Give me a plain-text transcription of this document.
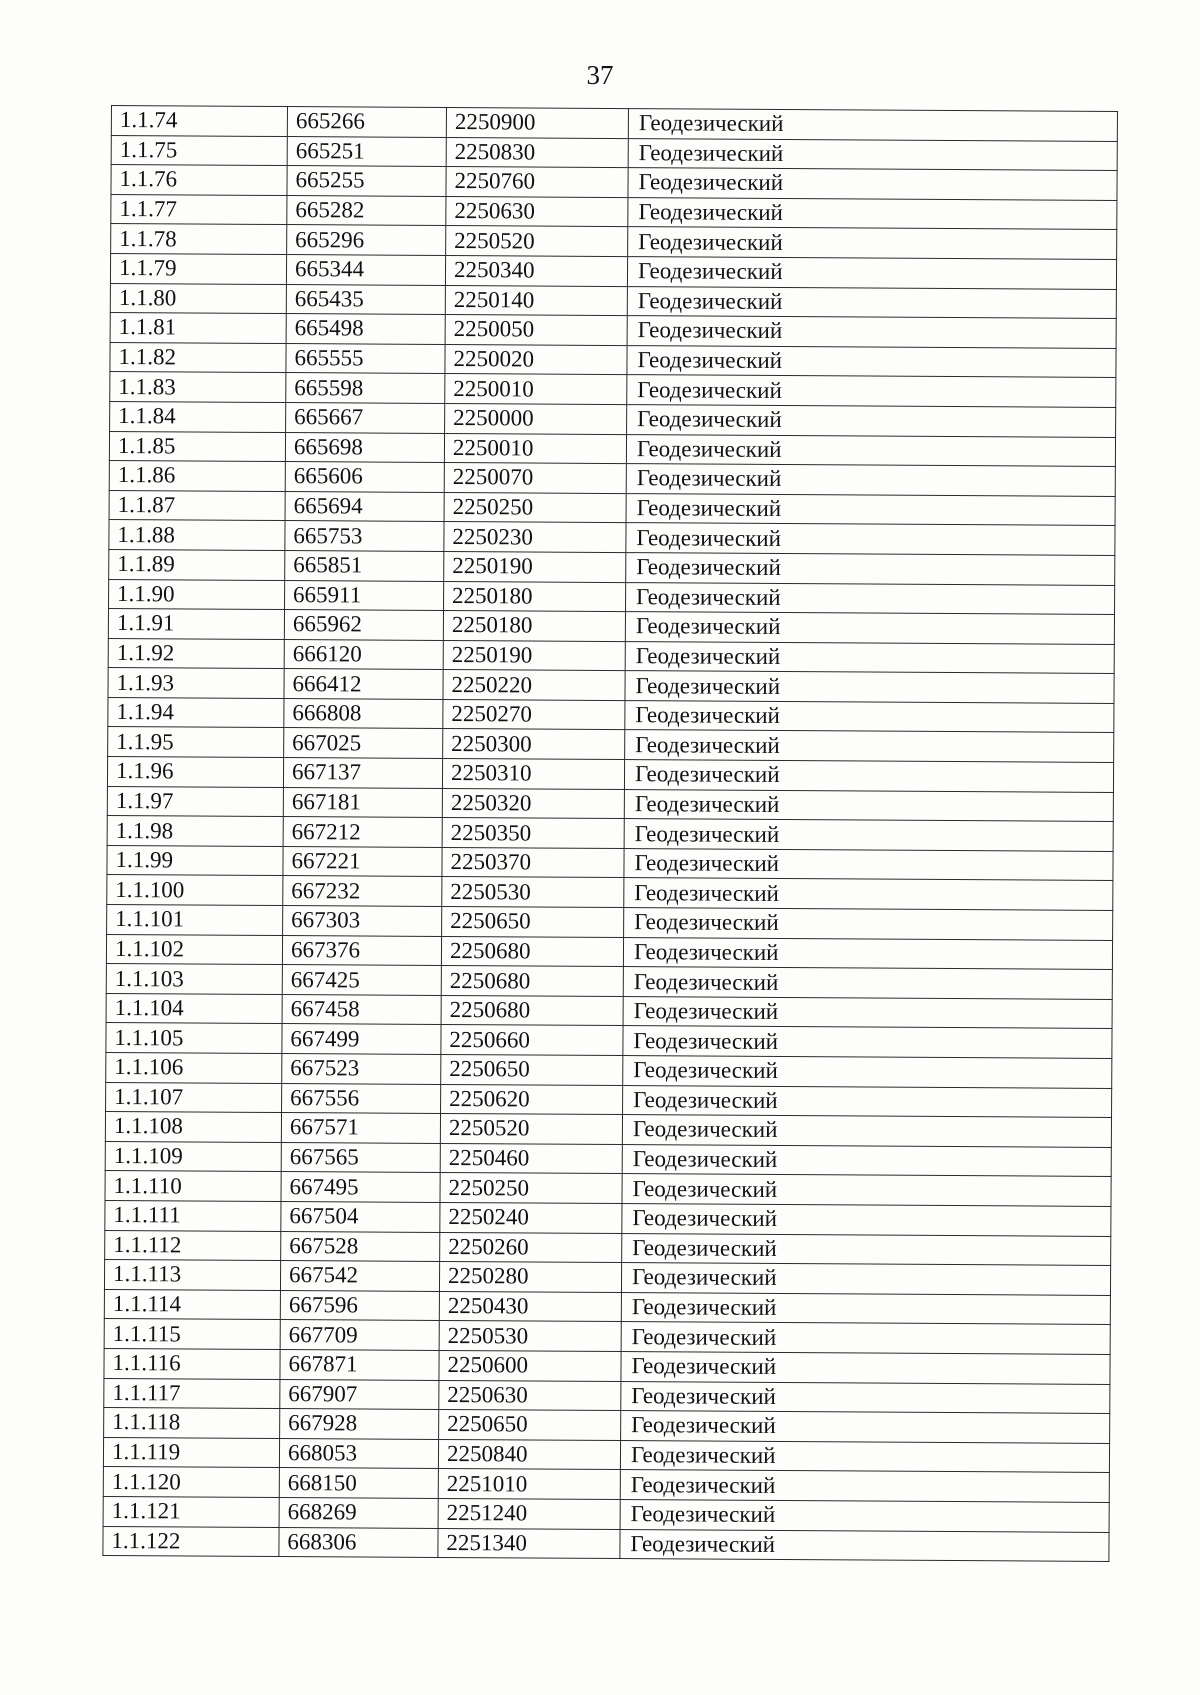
37
1.1.74	665266	2250900	Геодезический
1.1.75	665251	2250830	Геодезический
1.1.76	665255	2250760	Геодезический
1.1.77	665282	2250630	Геодезический
1.1.78	665296	2250520	Геодезический
1.1.79	665344	2250340	Геодезический
1.1.80	665435	2250140	Геодезический
1.1.81	665498	2250050	Геодезический
1.1.82	665555	2250020	Геодезический
1.1.83	665598	2250010	Геодезический
1.1.84	665667	2250000	Геодезический
1.1.85	665698	2250010	Геодезический
1.1.86	665606	2250070	Геодезический
1.1.87	665694	2250250	Геодезический
1.1.88	665753	2250230	Геодезический
1.1.89	665851	2250190	Геодезический
1.1.90	665911	2250180	Геодезический
1.1.91	665962	2250180	Геодезический
1.1.92	666120	2250190	Геодезический
1.1.93	666412	2250220	Геодезический
1.1.94	666808	2250270	Геодезический
1.1.95	667025	2250300	Геодезический
1.1.96	667137	2250310	Геодезический
1.1.97	667181	2250320	Геодезический
1.1.98	667212	2250350	Геодезический
1.1.99	667221	2250370	Геодезический
1.1.100	667232	2250530	Геодезический
1.1.101	667303	2250650	Геодезический
1.1.102	667376	2250680	Геодезический
1.1.103	667425	2250680	Геодезический
1.1.104	667458	2250680	Геодезический
1.1.105	667499	2250660	Геодезический
1.1.106	667523	2250650	Геодезический
1.1.107	667556	2250620	Геодезический
1.1.108	667571	2250520	Геодезический
1.1.109	667565	2250460	Геодезический
1.1.110	667495	2250250	Геодезический
1.1.111	667504	2250240	Геодезический
1.1.112	667528	2250260	Геодезический
1.1.113	667542	2250280	Геодезический
1.1.114	667596	2250430	Геодезический
1.1.115	667709	2250530	Геодезический
1.1.116	667871	2250600	Геодезический
1.1.117	667907	2250630	Геодезический
1.1.118	667928	2250650	Геодезический
1.1.119	668053	2250840	Геодезический
1.1.120	668150	2251010	Геодезический
1.1.121	668269	2251240	Геодезический
1.1.122	668306	2251340	Геодезический
